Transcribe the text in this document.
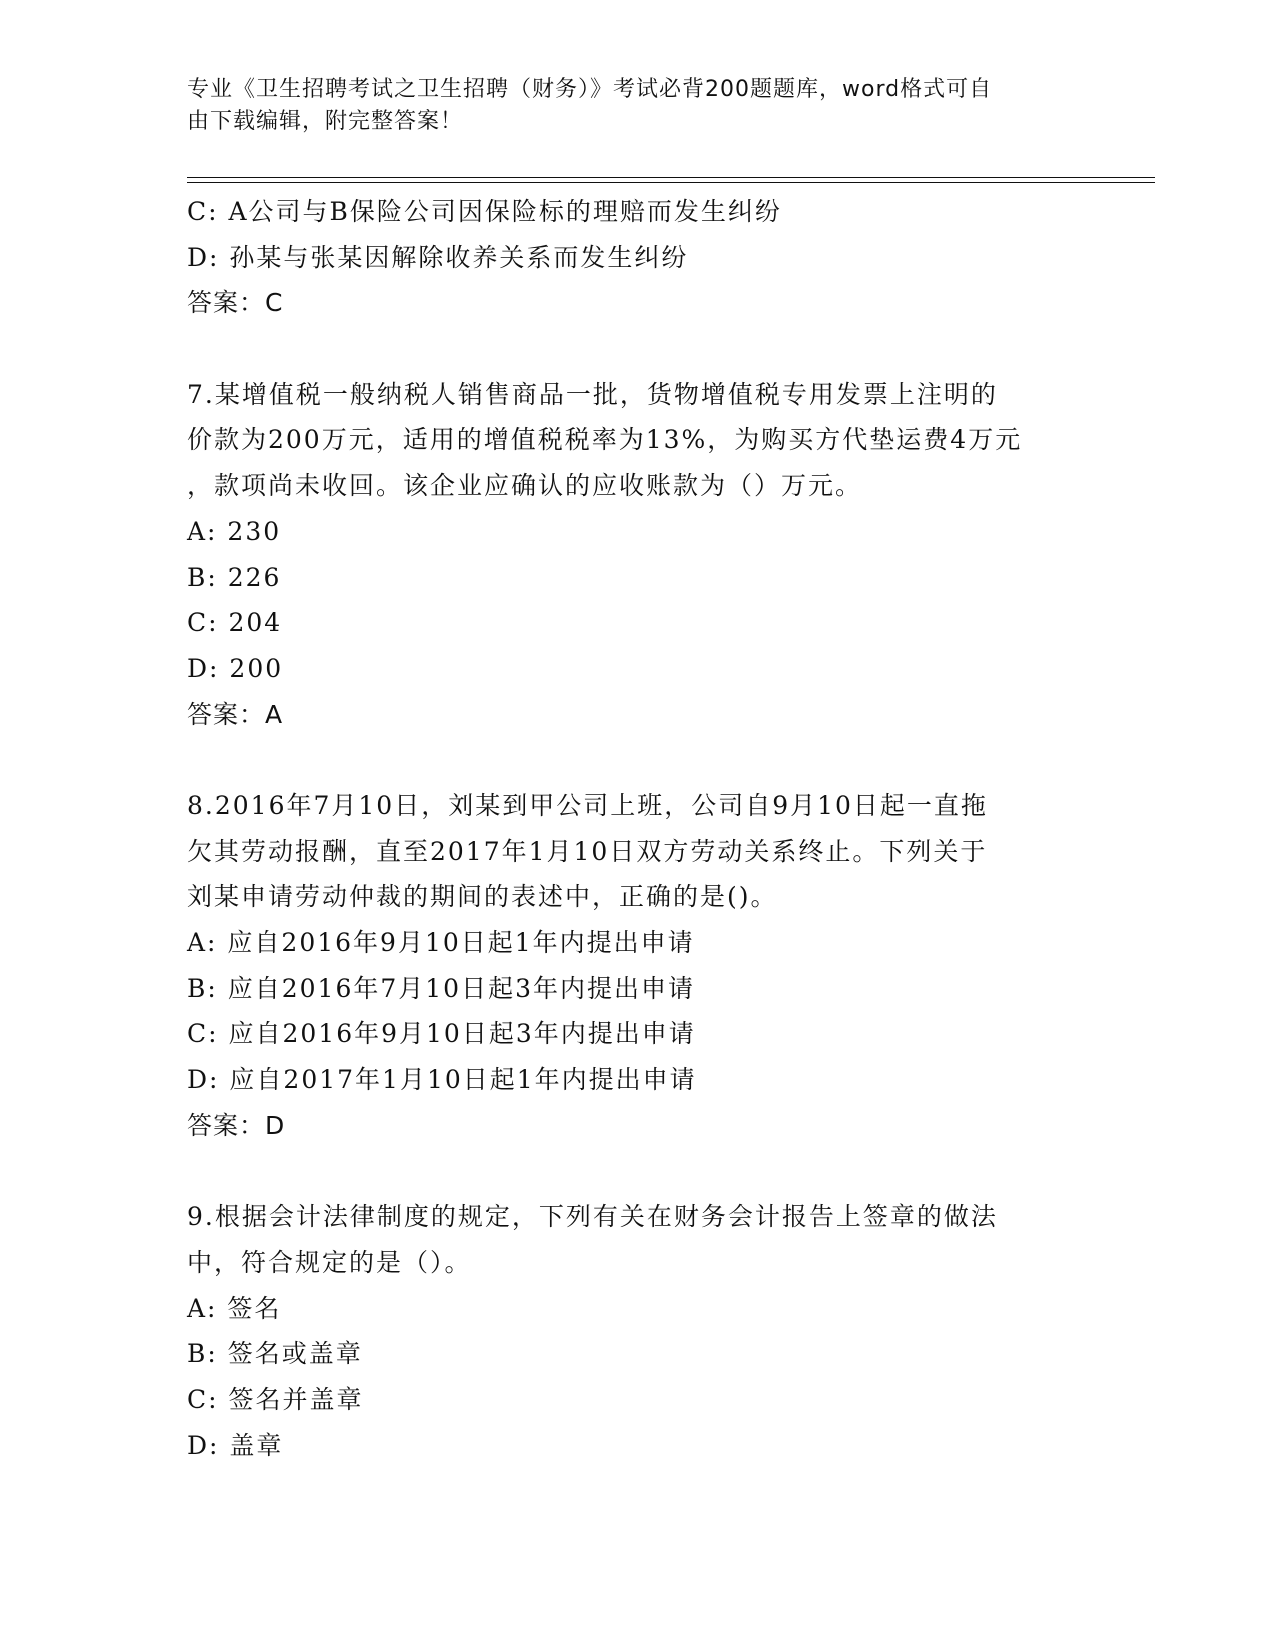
专业《卫生招聘考试之卫生招聘（财务）》考试必背200题题库，word格式可自
由下载编辑，附完整答案！
C: A公司与B保险公司因保险标的理赔而发生纠纷
D: 孙某与张某因解除收养关系而发生纠纷
答案：C
7.某增值税一般纳税人销售商品一批，货物增值税专用发票上注明的
价款为200万元，适用的增值税税率为13%，为购买方代垫运费4万元
，款项尚未收回。该企业应确认的应收账款为（）万元。
A: 230
B: 226
C: 204
D: 200
答案：A
8.2016年7月10日，刘某到甲公司上班，公司自9月10日起一直拖
欠其劳动报酬，直至2017年1月10日双方劳动关系终止。下列关于
刘某申请劳动仲裁的期间的表述中，正确的是()。
A: 应自2016年9月10日起1年内提出申请
B: 应自2016年7月10日起3年内提出申请
C: 应自2016年9月10日起3年内提出申请
D: 应自2017年1月10日起1年内提出申请
答案：D
9.根据会计法律制度的规定，下列有关在财务会计报告上签章的做法
中，符合规定的是（）。
A: 签名
B: 签名或盖章
C: 签名并盖章
D: 盖章
